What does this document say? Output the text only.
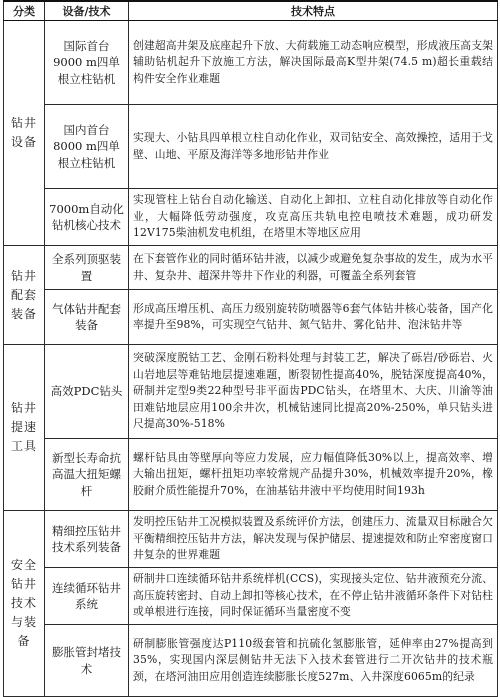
分类	设备/技术	技术特点

钻井设备	国际首台9000 m四单根立柱钻机	创建超高井架及底座起升下放、大荷载施工动态响应模型，形成液压高支架辅助钻机起升下放施工方法，解决国际最高K型井架(74.5 m)超长重载结构件安全作业难题

	国内首台8000 m四单根立柱钻机	实现大、小钻具四单根立柱自动化作业，双司钻安全、高效操控，适用于戈壁、山地、平原及海洋等多地形钻井作业

	7000m自动化钻机核心技术	实现管柱上钻台自动化输送、自动化上卸扣、立柱自动化排放等自动化作业，大幅降低劳动强度，攻克高压共轨电控电喷技术难题，成功研发12V175柴油机发电机组，在塔里木等地区应用

钻井配套装备	全系列顶驱装置	在下套管作业的同时循环钻井液，以减少或避免复杂事故的发生，成为水平井、复杂井、超深井等井下作业的利器，可覆盖全系列套管

	气体钻井配套装备	形成高压增压机、高压力级别旋转防喷器等6套气体钻井核心装备，国产化率提升至98%，可实现空气钻井、氮气钻井、雾化钻井、泡沫钻井等

钻井提速工具	高效PDC钻头	突破深度脱钴工艺、金刚石粉料处理与封装工艺，解决了砾岩/砂砾岩、火山岩地层等难钻地层提速难题，断裂韧性提高40%，脱钴深度提高40%，研制并定型9类22种型号非平面齿PDC钻头，在塔里木、大庆、川渝等油田难钻地层应用100余井次，机械钻速同比提高20%-250%，单只钻头进尺提高30%-518%

	新型长寿命抗高温大扭矩螺杆	螺杆钻具由等壁厚向等应力发展，应力幅值降低30%以上，提高效率、增大输出扭矩，螺杆扭矩功率较常规产品提升30%，机械效率提升20%，橡胶耐介质性能提升70%，在油基钻井液中平均使用时间193h

安全钻井技术与装备	精细控压钻井技术系列装备	发明控压钻井工况模拟装置及系统评价方法，创建压力、流量双目标融合欠平衡精细控压钻井方法，解决发现与保护储层、提速提效和防止窄密度窗口井复杂的世界难题

	连续循环钻井系统	研制井口连续循环钻井系统样机(CCS)，实现接头定位、钻井液预充分流、高压旋转密封、自动上卸扣等核心技术，在不停止钻井液循环条件下对钻柱或单根进行连接，同时保证循环当量密度不变

	膨胀管封堵技术	研制膨胀管强度达P110级套管和抗硫化氢膨胀管，延伸率由27%提高到35%，实现国内深层侧钻井无法下入技术套管进行二开次钻井的技术瓶颈，在塔河油田应用创造连续膨胀长度527m、入井深度6065m的纪录
